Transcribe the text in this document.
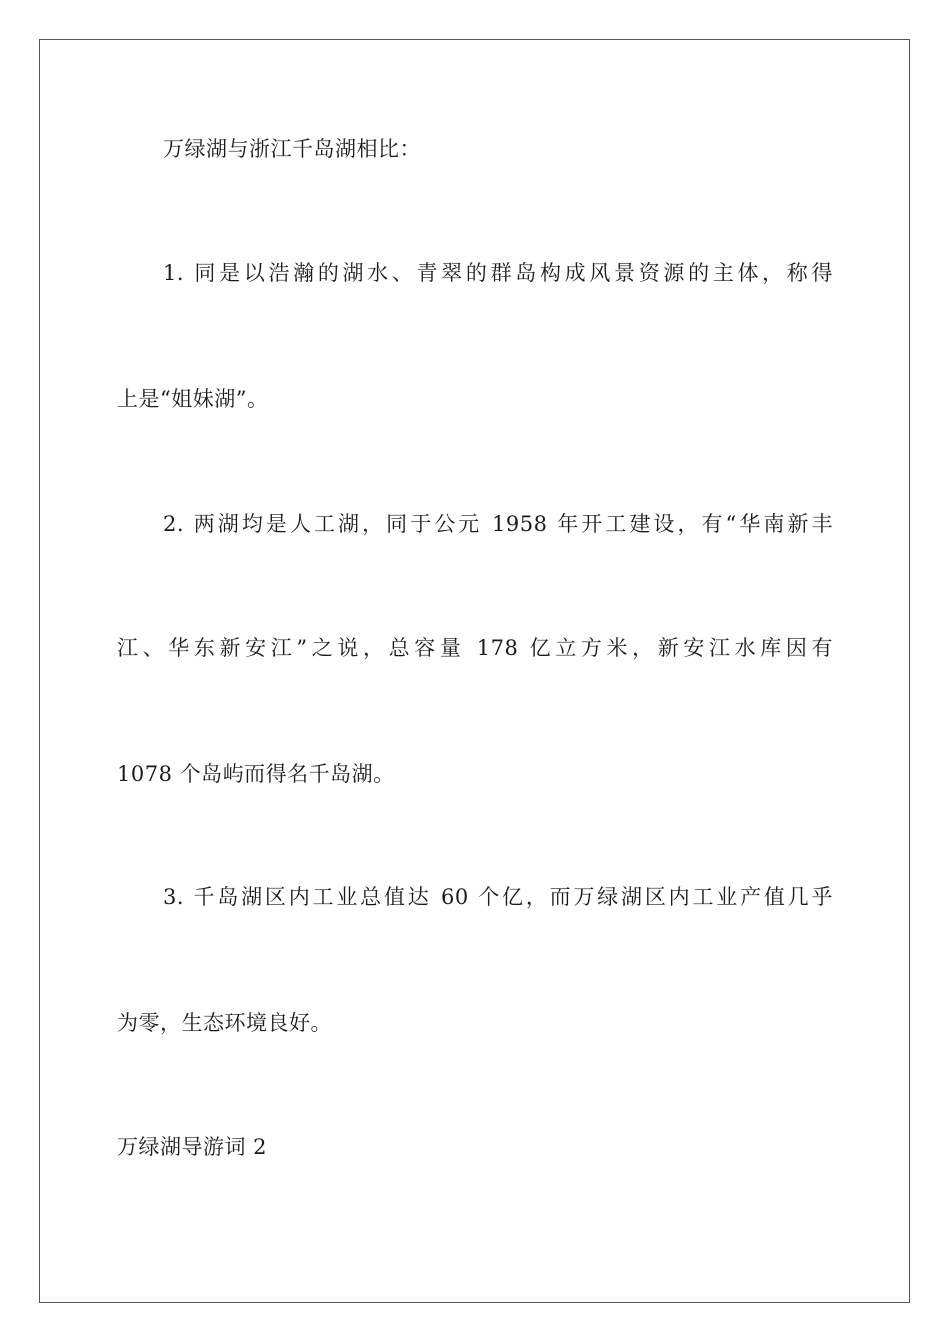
万绿湖与浙江千岛湖相比：
1. 同是以浩瀚的湖水、青翠的群岛构成风景资源的主体，称得
上是“姐妹湖”。
2. 两湖均是人工湖，同于公元 1958 年开工建设，有“华南新丰
江、华东新安江”之说，总容量 178 亿立方米，新安江水库因有
1078 个岛屿而得名千岛湖。
3. 千岛湖区内工业总值达 60 个亿，而万绿湖区内工业产值几乎
为零，生态环境良好。
万绿湖导游词 2
